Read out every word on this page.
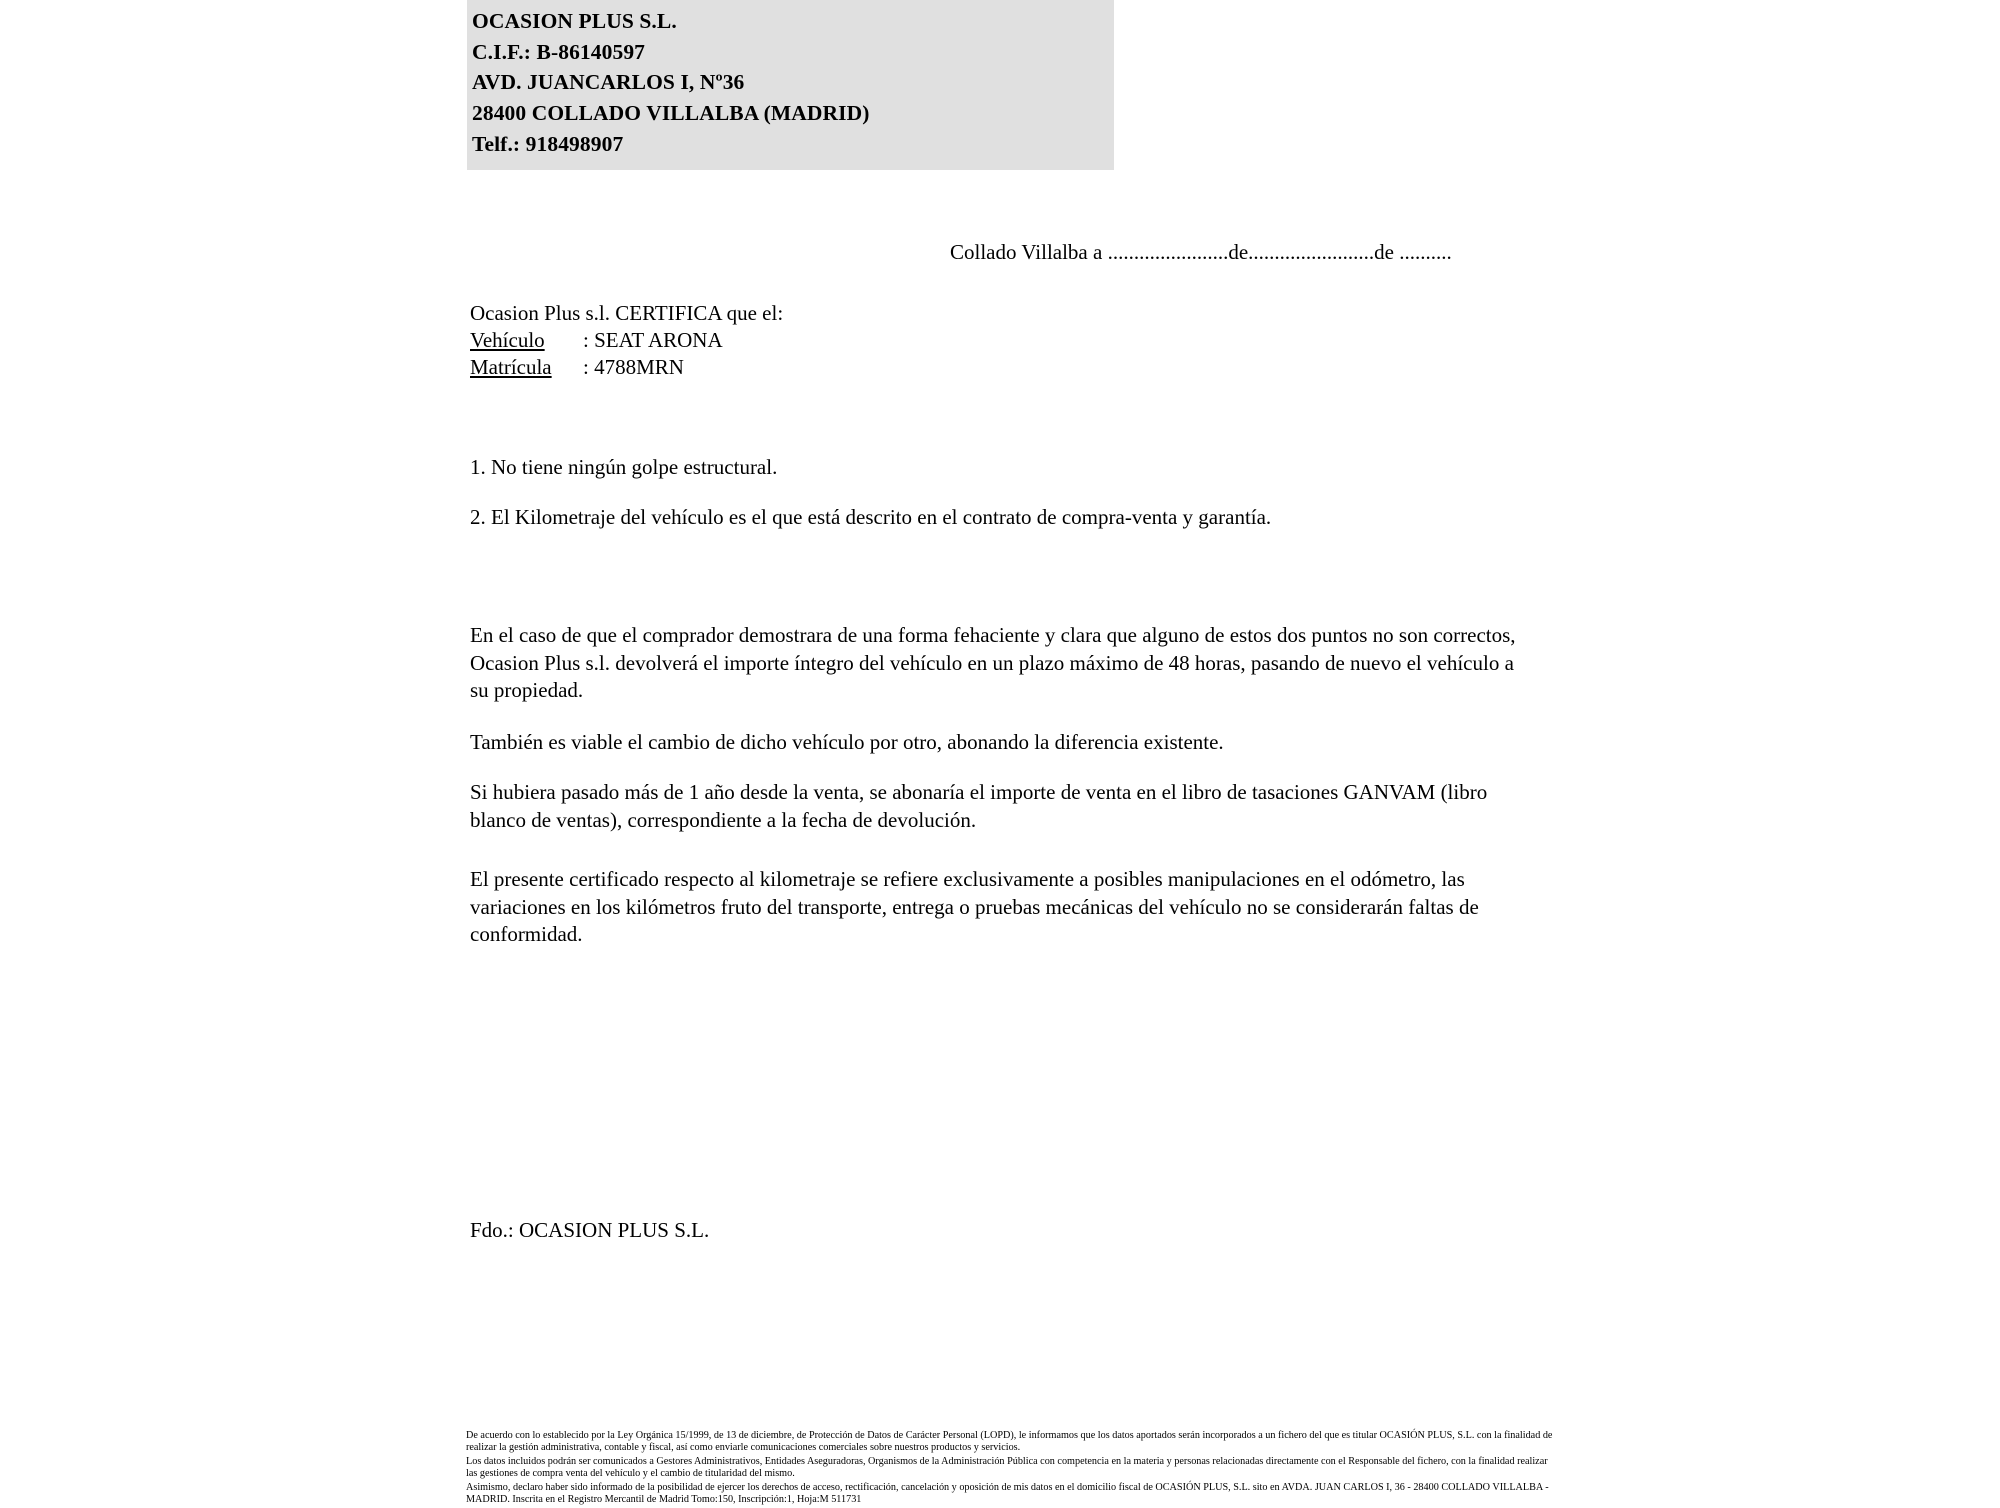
OCASION PLUS S.L.
C.I.F.: B-86140597
AVD. JUANCARLOS I, Nº36
28400 COLLADO VILLALBA (MADRID)
Telf.: 918498907
Collado Villalba a .......................de........................de ..........
Ocasion Plus s.l. CERTIFICA que el:
Vehículo	: SEAT ARONA
Matrícula	: 4788MRN
1. No tiene ningún golpe estructural.
2. El Kilometraje del vehículo es el que está descrito en el contrato de compra-venta y garantía.
En el caso de que el comprador demostrara de una forma fehaciente y clara que alguno de estos dos puntos no son correctos, Ocasion Plus s.l. devolverá el importe íntegro del vehículo en un plazo máximo de 48 horas, pasando de nuevo el vehículo a su propiedad.
También es viable el cambio de dicho vehículo por otro, abonando la diferencia existente.
Si hubiera pasado más de 1 año desde la venta, se abonaría el importe de venta en el libro de tasaciones GANVAM (libro blanco de ventas), correspondiente a la fecha de devolución.
El presente certificado respecto al kilometraje se refiere exclusivamente a posibles manipulaciones en el odómetro, las variaciones en los kilómetros fruto del transporte, entrega o pruebas mecánicas del vehículo no se considerarán faltas de conformidad.
Fdo.: OCASION PLUS S.L.

De acuerdo con lo establecido por la Ley Orgánica 15/1999, de 13 de diciembre, de Protección de Datos de Carácter Personal (LOPD), le informamos que los datos aportados serán incorporados a un fichero del que es titular OCASIÓN PLUS, S.L. con la finalidad de realizar la gestión administrativa, contable y fiscal, así como enviarle comunicaciones comerciales sobre nuestros productos y servicios.

Los datos incluidos podrán ser comunicados a Gestores Administrativos, Entidades Aseguradoras, Organismos de la Administración Pública con competencia en la materia y personas relacionadas directamente con el Responsable del fichero, con la finalidad realizar las gestiones de compra venta del vehículo y el cambio de titularidad del mismo.

Asimismo, declaro haber sido informado de la posibilidad de ejercer los derechos de acceso, rectificación, cancelación y oposición de mis datos en el domicilio fiscal de OCASIÓN PLUS, S.L. sito en AVDA. JUAN CARLOS I, 36 - 28400 COLLADO VILLALBA - MADRID. Inscrita en el Registro Mercantil de Madrid Tomo:150, Inscripción:1, Hoja:M 511731
